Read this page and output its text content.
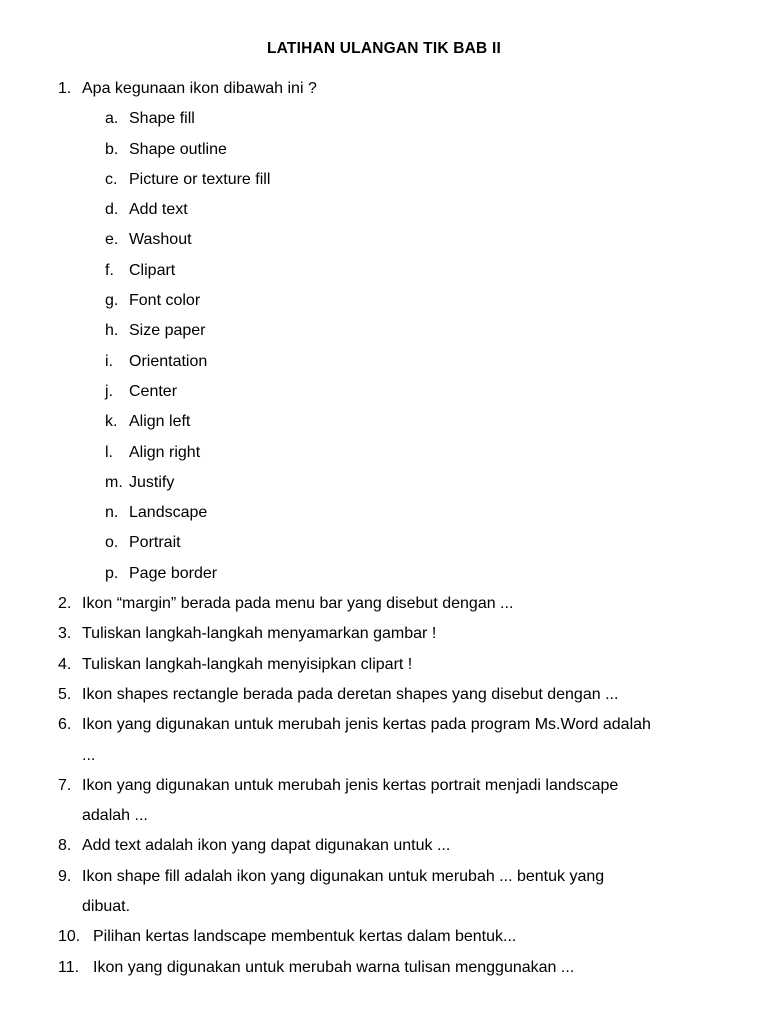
LATIHAN ULANGAN TIK BAB II
1. Apa kegunaan ikon dibawah ini ?
a. Shape fill
b. Shape outline
c. Picture or texture fill
d. Add text
e. Washout
f. Clipart
g. Font color
h. Size paper
i. Orientation
j. Center
k. Align left
l. Align right
m. Justify
n. Landscape
o. Portrait
p. Page border
2. Ikon “margin” berada pada menu bar yang disebut dengan ...
3. Tuliskan langkah-langkah menyamarkan gambar !
4. Tuliskan langkah-langkah menyisipkan clipart !
5. Ikon shapes rectangle berada pada deretan shapes yang disebut dengan ...
6. Ikon yang digunakan untuk merubah jenis kertas pada program Ms.Word adalah
...
7. Ikon yang digunakan untuk merubah jenis kertas portrait menjadi landscape
adalah ...
8. Add text adalah ikon yang dapat digunakan untuk ...
9. Ikon shape fill adalah ikon yang digunakan untuk merubah ... bentuk yang
dibuat.
10. Pilihan kertas landscape membentuk kertas dalam bentuk...
11. Ikon yang digunakan untuk merubah warna tulisan menggunakan ...
